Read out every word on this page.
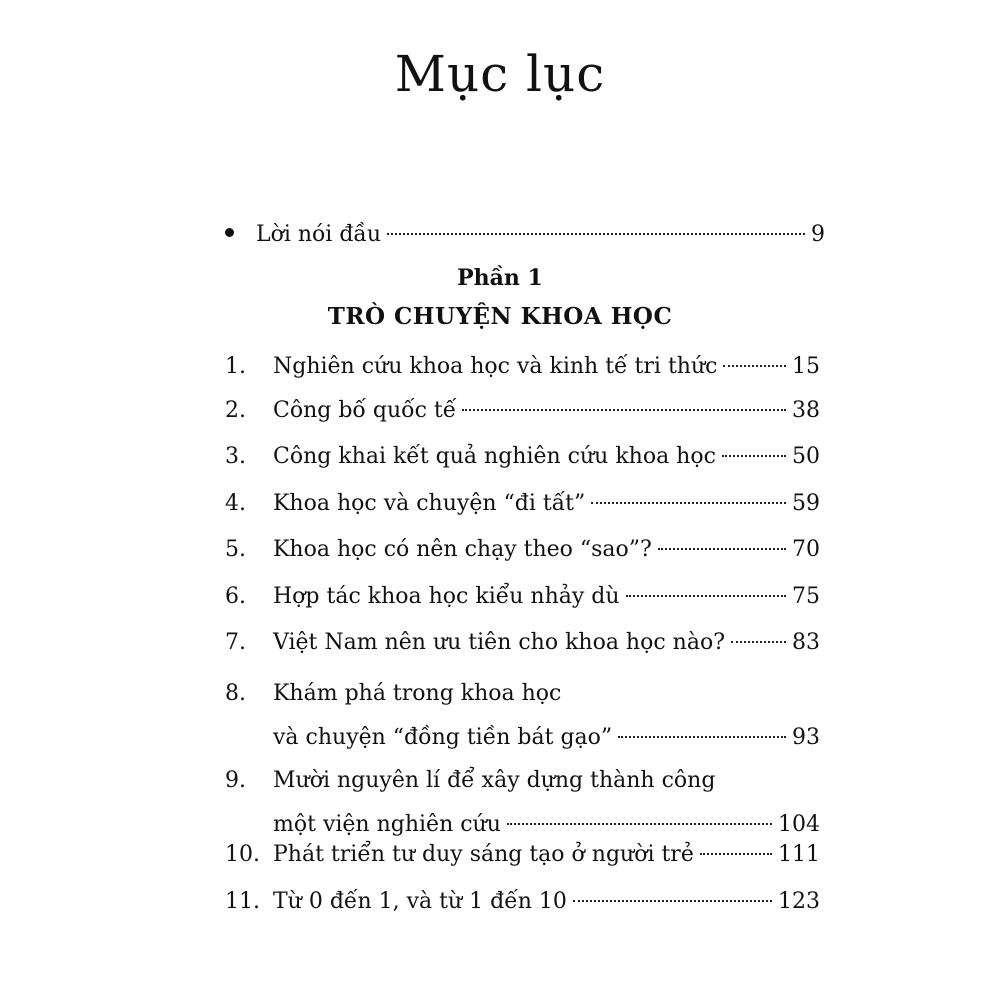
Mục lục
Lời nói đầu	9
Phần 1
TRÒ CHUYỆN KHOA HỌC
1.	Nghiên cứu khoa học và kinh tế tri thức	15
2.	Công bố quốc tế	38
3.	Công khai kết quả nghiên cứu khoa học	50
4.	Khoa học và chuyện “đi tất”	59
5.	Khoa học có nên chạy theo “sao”?	70
6.	Hợp tác khoa học kiểu nhảy dù	75
7.	Việt Nam nên ưu tiên cho khoa học nào?	83
8.	Khám phá trong khoa học
và chuyện “đồng tiền bát gạo”	93
9.	Mười nguyên lí để xây dựng thành công
một viện nghiên cứu	104
10. Phát triển tư duy sáng tạo ở người trẻ	111
11. Từ 0 đến 1, và từ 1 đến 10	123
